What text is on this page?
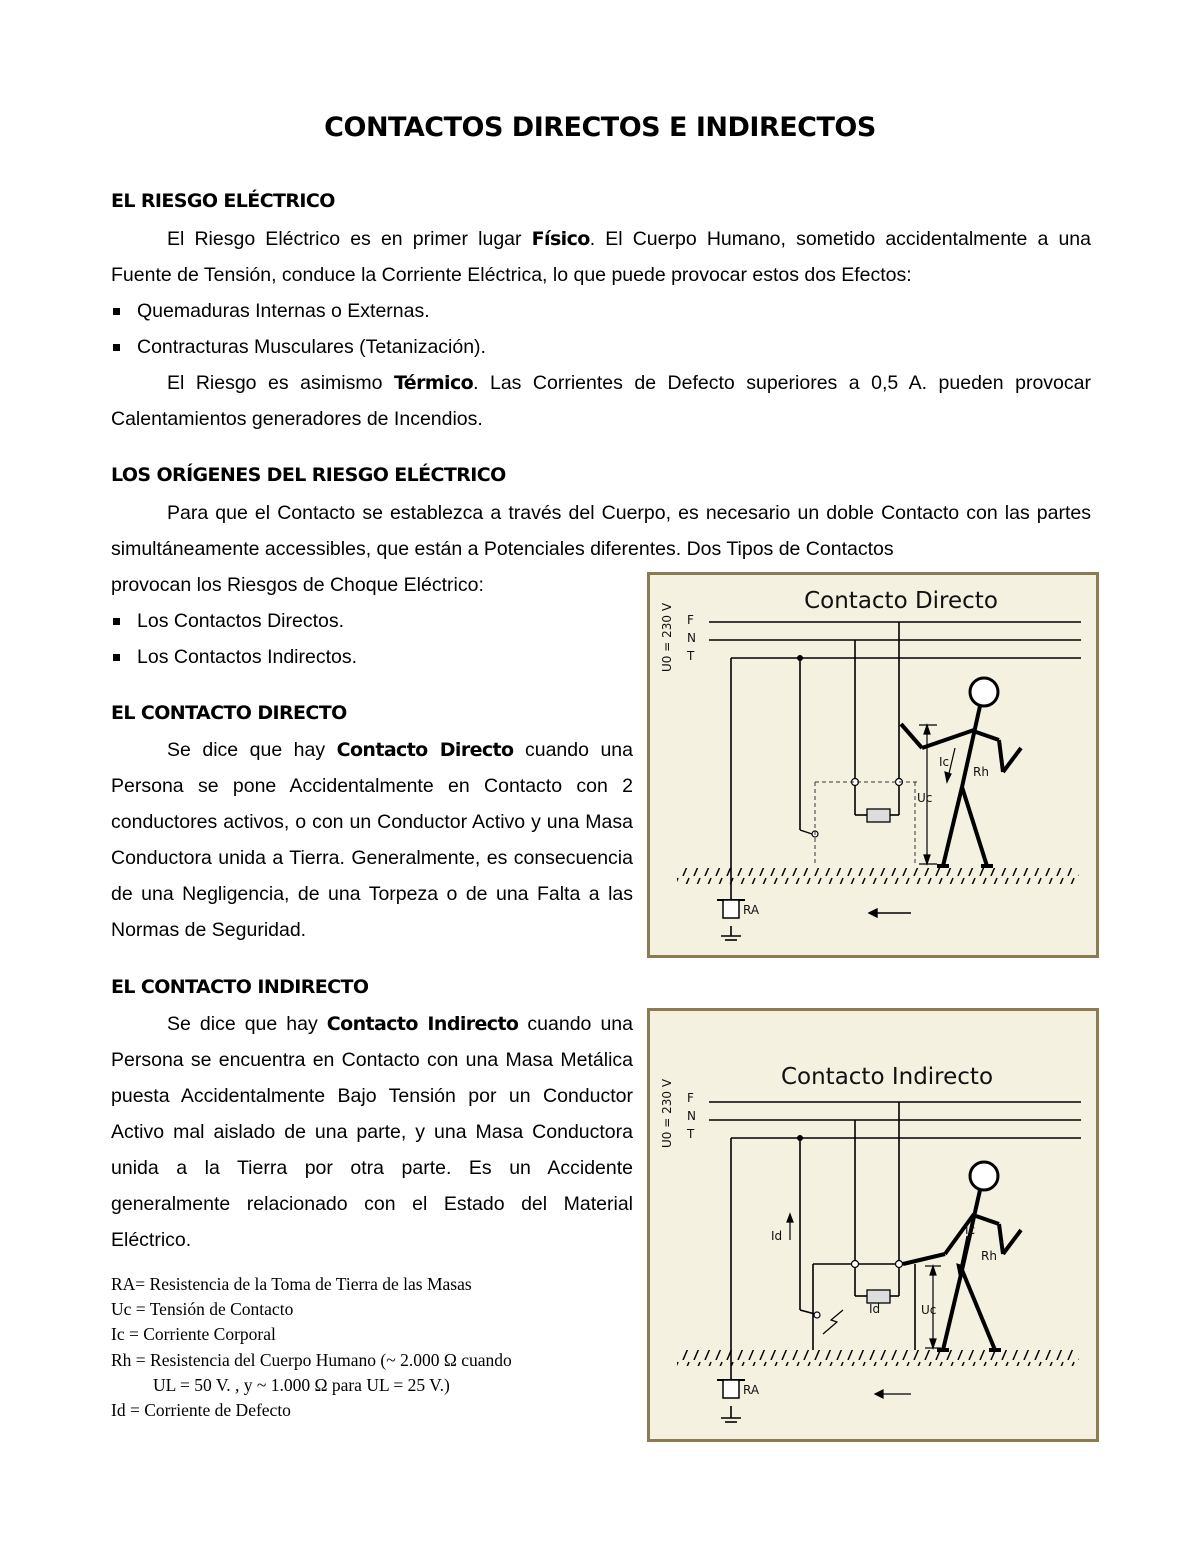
CONTACTOS DIRECTOS E INDIRECTOS
EL RIESGO ELÉCTRICO
El Riesgo Eléctrico es en primer lugar Físico. El Cuerpo Humano, sometido accidentalmente a una Fuente de Tensión, conduce la Corriente Eléctrica, lo que puede provocar estos dos Efectos:
Quemaduras Internas o Externas.
Contracturas Musculares (Tetanización).
El Riesgo es asimismo Térmico. Las Corrientes de Defecto superiores a 0,5 A. pueden provocar Calentamientos generadores de Incendios.
LOS ORÍGENES DEL RIESGO ELÉCTRICO
Para que el Contacto se establezca a través del Cuerpo, es necesario un doble Contacto con las partes simultáneamente accessibles, que están a Potenciales diferentes. Dos Tipos de Contactos
provocan los Riesgos de Choque Eléctrico:
Los Contactos Directos.
Los Contactos Indirectos.
EL CONTACTO DIRECTO
Se dice que hay Contacto Directo cuando una Persona se pone Accidentalmente en Contacto con 2 conductores activos, o con un Conductor Activo y una Masa Conductora unida a Tierra. Generalmente, es consecuencia de una Negligencia, de una Torpeza o de una Falta a las Normas de Seguridad.
EL CONTACTO INDIRECTO
Se dice que hay Contacto Indirecto cuando una Persona se encuentra en Contacto con una Masa Metálica puesta Accidentalmente Bajo Tensión por un Conductor Activo mal aislado de una parte, y una Masa Conductora unida a la Tierra por otra parte. Es un Accidente generalmente relacionado con el Estado del Material Eléctrico.
RA= Resistencia de la Toma de Tierra de las Masas
Uc = Tensión de Contacto
Ic = Corriente Corporal
Rh = Resistencia del Cuerpo Humano (~ 2.000 Ω cuando
UL = 50 V. , y ~ 1.000 Ω para UL = 25 V.)
Id = Corriente de Defecto
Contacto Directo
U0 = 230 V F
N
T
RA
Ic
Rh
Uc
Contacto Indirecto
U0 = 230 V F
N
T
RA
Id
Id
Ic
Rh
Uc
